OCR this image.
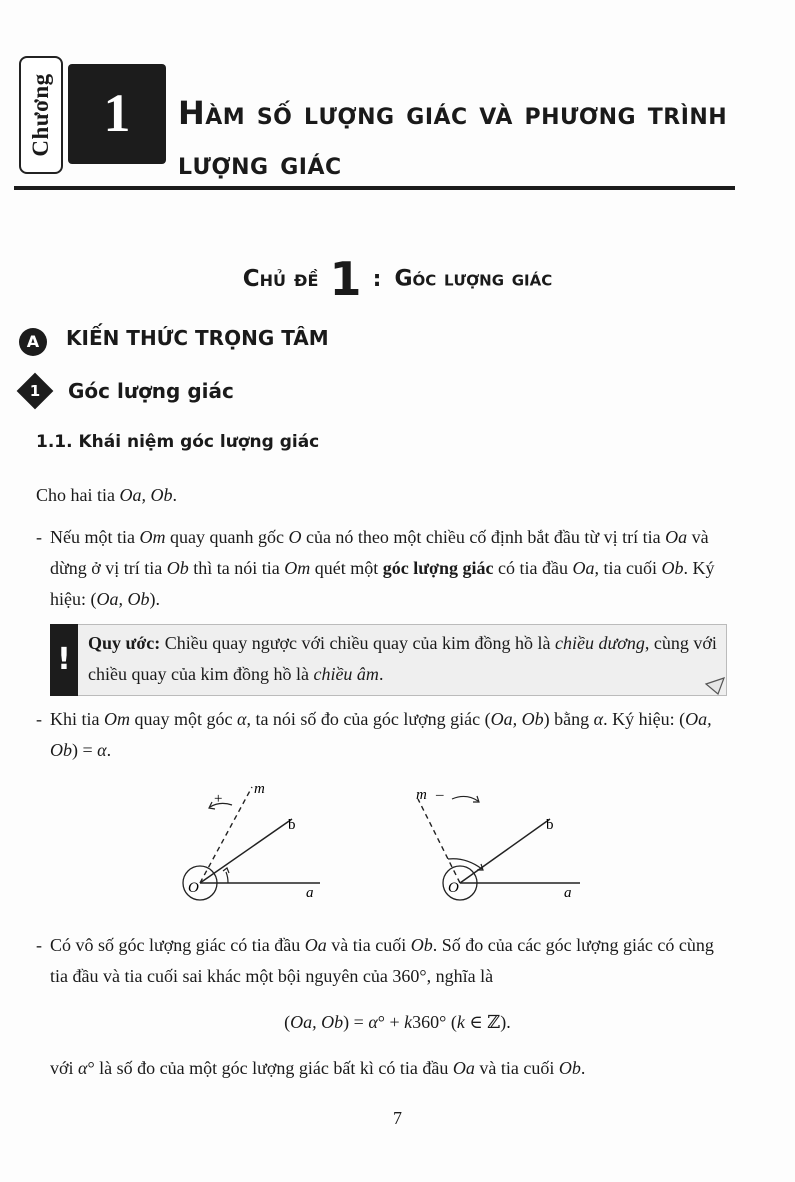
Chương 1	Hàm số lượng giác và phương trình lượng giác
Chủ đề 1 : Góc lượng giác
A	KIẾN THỨC TRỌNG TÂM
1	Góc lượng giác
1.1. Khái niệm góc lượng giác
Cho hai tia Oa, Ob.
- Nếu một tia Om quay quanh gốc O của nó theo một chiều cố định bắt đầu từ vị trí tia Oa và dừng ở vị trí tia Ob thì ta nói tia Om quét một góc lượng giác có tia đầu Oa, tia cuối Ob. Ký hiệu: (Oa, Ob).
! Quy ước: Chiều quay ngược với chiều quay của kim đồng hồ là chiều dương, cùng với chiều quay của kim đồng hồ là chiều âm.
- Khi tia Om quay một góc α, ta nói số đo của góc lượng giác (Oa, Ob) bằng α. Ký hiệu: (Oa, Ob) = α.
+
m
b
O	a
m –
b
O	a
- Có vô số góc lượng giác có tia đầu Oa và tia cuối Ob. Số đo của các góc lượng giác có cùng tia đầu và tia cuối sai khác một bội nguyên của 360°, nghĩa là
(Oa, Ob) = α° + k360° (k ∈ ℤ).
với α° là số đo của một góc lượng giác bất kì có tia đầu Oa và tia cuối Ob.
7
